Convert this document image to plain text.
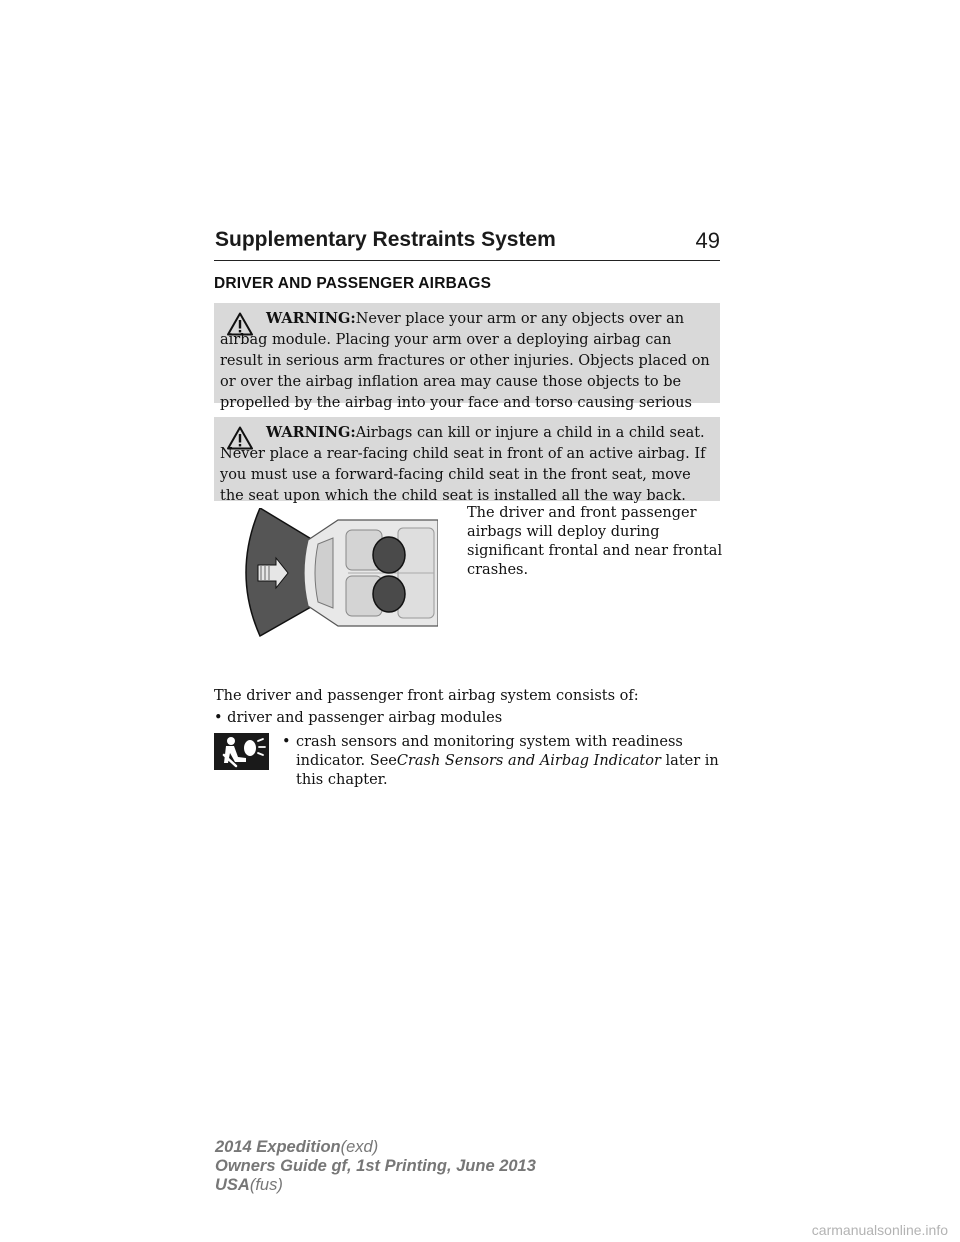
Supplementary Restraints System	49
DRIVER AND PASSENGER AIRBAGS

WARNING:Never place your arm or any objects over an airbag module. Placing your arm over a deploying airbag can result in serious arm fractures or other injuries. Objects placed on or over the airbag inflation area may cause those objects to be propelled by the airbag into your face and torso causing serious

WARNING:Airbags can kill or injure a child in a child seat. Never place a rear-facing child seat in front of an active airbag. If you must use a forward-facing child seat in the front seat, move the seat upon which the child seat is installed all the way back.

The driver and front passenger airbags will deploy during significant frontal and near frontal crashes.

The driver and passenger front airbag system consists of:

• driver and passenger airbag modules

• crash sensors and monitoring system with readiness indicator. SeeCrash Sensors and Airbag Indicator later in this chapter.

2014 Expedition(exd)
Owners Guide gf, 1st Printing, June 2013
USA(fus)
carmanualsonline.info
